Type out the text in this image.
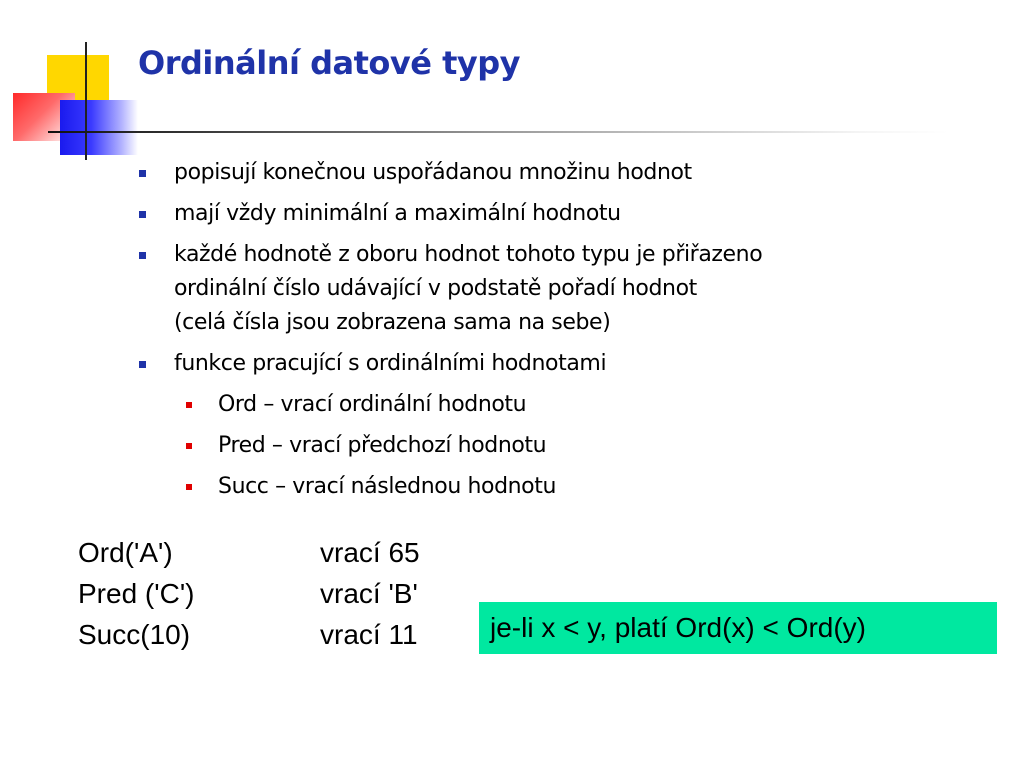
Ordinální datové typy
popisují konečnou uspořádanou množinu hodnot
mají vždy minimální a maximální hodnotu
každé hodnotě z oboru hodnot tohoto typu je přiřazeno
ordinální číslo udávající v podstatě pořadí hodnot
(celá čísla jsou zobrazena sama na sebe)
funkce pracující s ordinálními hodnotami
Ord – vrací ordinální hodnotu
Pred – vrací předchozí hodnotu
Succ – vrací následnou hodnotu
Ord('A')	vrací 65
Pred ('C')	vrací 'B'
Succ(10)	vrací 11	je-li x < y, platí Ord(x) < Ord(y)
